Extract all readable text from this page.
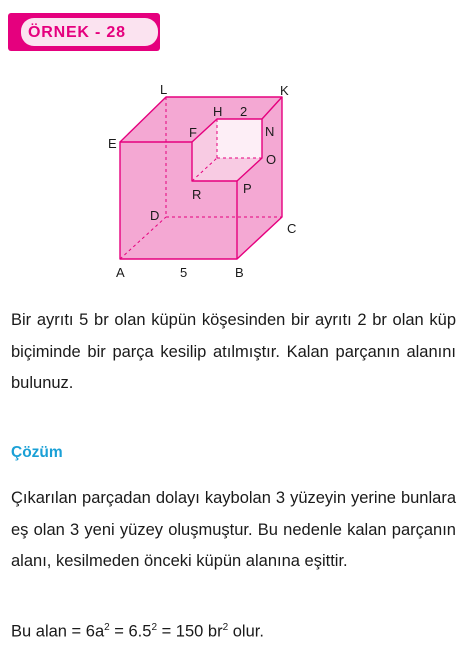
ÖRNEK - 28
A	B
C
D
E
F
H
K
L
N
O
P
R
5
2

Bir ayrıtı 5 br olan küpün köşesinden bir ayrıtı 2 br olan küp biçiminde bir parça kesilip atılmıştır. Kalan parçanın alanını bulunuz.

Çözüm

Çıkarılan parçadan dolayı kaybolan 3 yüzeyin yerine bunlara eş olan 3 yeni yüzey oluşmuştur. Bu nedenle kalan parçanın alanı, kesilmeden önceki küpün alanına eşittir.

Bu alan = $6a^2 = 6.5^2 = 150$ $br^2$ olur.
